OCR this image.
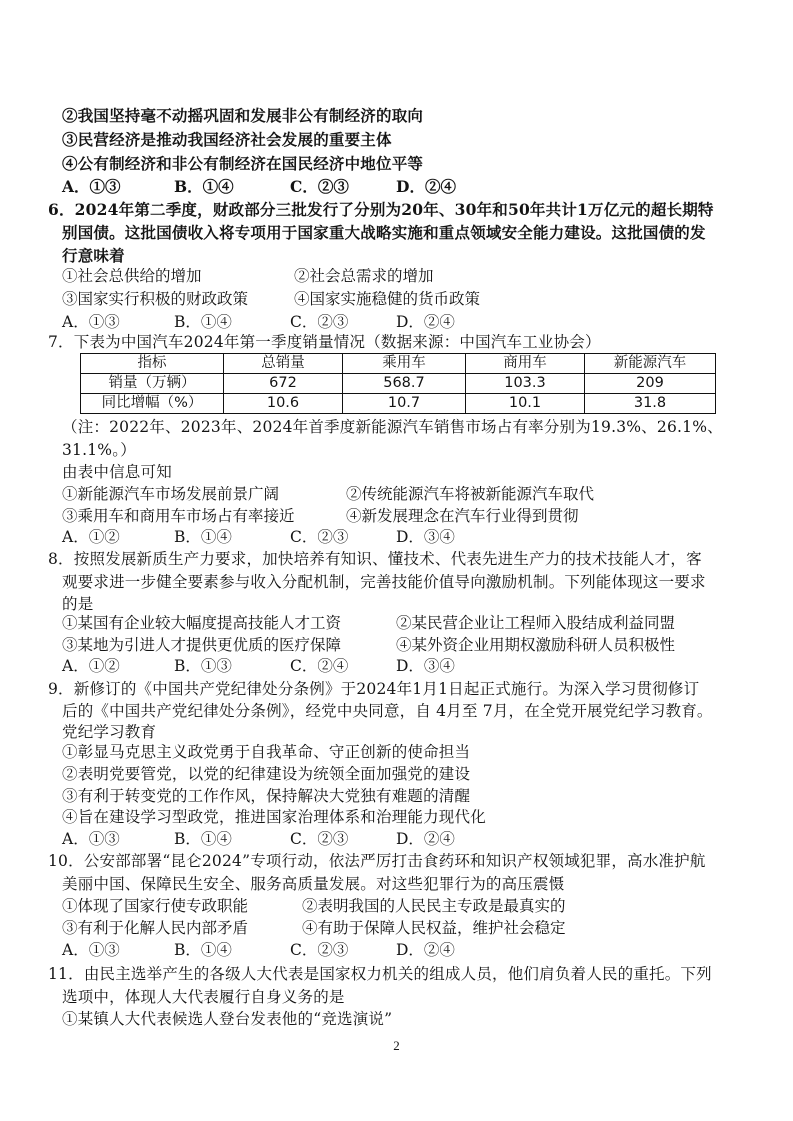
②我国坚持毫不动摇巩固和发展非公有制经济的取向
③民营经济是推动我国经济社会发展的重要主体
④公有制经济和非公有制经济在国民经济中地位平等
A．①③	B．①④	C．②③	D．②④
6．2024年第二季度，财政部分三批发行了分别为20年、30年和50年共计1万亿元的超长期特
别国债。这批国债收入将专项用于国家重大战略实施和重点领域安全能力建设。这批国债的发
行意味着
①社会总供给的增加	②社会总需求的增加
③国家实行积极的财政政策	④国家实施稳健的货币政策
A．①③	B．①④	C．②③	D．②④
7．下表为中国汽车2024年第一季度销量情况（数据来源：中国汽车工业协会）
指标	总销量	乘用车	商用车	新能源汽车
销量（万辆）	672	568.7	103.3	209
同比增幅（%）	10.6	10.7	10.1	31.8
（注：2022年、2023年、2024年首季度新能源汽车销售市场占有率分别为19.3%、26.1%、
31.1%。）
由表中信息可知
①新能源汽车市场发展前景广阔	②传统能源汽车将被新能源汽车取代
③乘用车和商用车市场占有率接近	④新发展理念在汽车行业得到贯彻
A．①②	B．①④	C．②③	D．③④
8．按照发展新质生产力要求，加快培养有知识、懂技术、代表先进生产力的技术技能人才，客
观要求进一步健全要素参与收入分配机制，完善技能价值导向激励机制。下列能体现这一要求
的是
①某国有企业较大幅度提高技能人才工资	②某民营企业让工程师入股结成利益同盟
③某地为引进人才提供更优质的医疗保障	④某外资企业用期权激励科研人员积极性
A．①②	B．①③	C．②④	D．③④
9．新修订的《中国共产党纪律处分条例》于2024年1月1日起正式施行。为深入学习贯彻修订
后的《中国共产党纪律处分条例》，经党中央同意，自 4月至 7月，在全党开展党纪学习教育。
党纪学习教育
①彰显马克思主义政党勇于自我革命、守正创新的使命担当
②表明党要管党，以党的纪律建设为统领全面加强党的建设
③有利于转变党的工作作风，保持解决大党独有难题的清醒
④旨在建设学习型政党，推进国家治理体系和治理能力现代化
A．①③	B．①④	C．②③	D．②④
10．公安部部署“昆仑2024”专项行动，依法严厉打击食药环和知识产权领域犯罪，高水准护航
美丽中国、保障民生安全、服务高质量发展。对这些犯罪行为的高压震慑
①体现了国家行使专政职能	②表明我国的人民民主专政是最真实的
③有利于化解人民内部矛盾	④有助于保障人民权益，维护社会稳定
A．①③	B．①④	C．②③	D．②④
11．由民主选举产生的各级人大代表是国家权力机关的组成人员，他们肩负着人民的重托。下列
选项中，体现人大代表履行自身义务的是
①某镇人大代表候选人登台发表他的“竞选演说”
2
